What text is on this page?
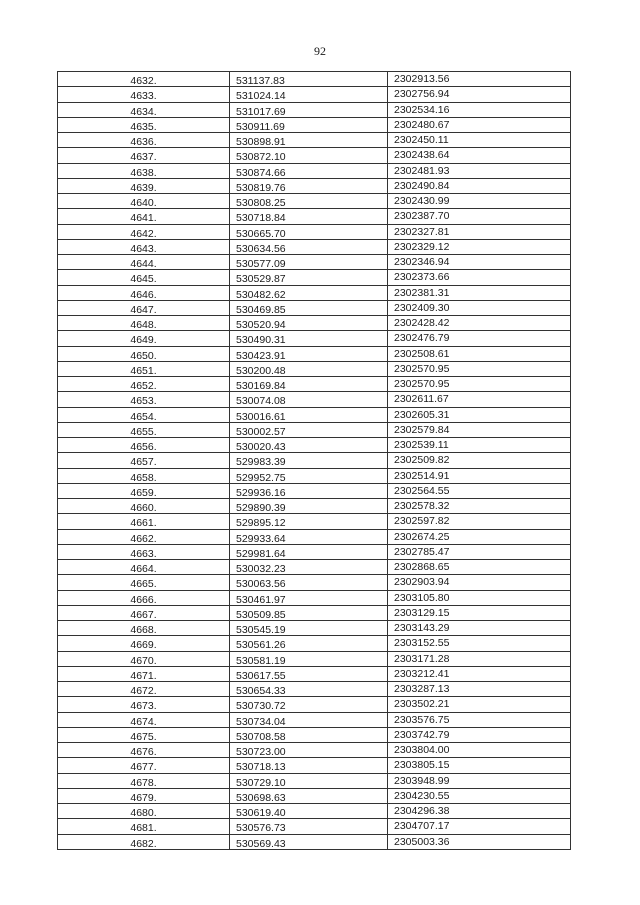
92
4632.	531137.83	2302913.56
4633.	531024.14	2302756.94
4634.	531017.69	2302534.16
4635.	530911.69	2302480.67
4636.	530898.91	2302450.11
4637.	530872.10	2302438.64
4638.	530874.66	2302481.93
4639.	530819.76	2302490.84
4640.	530808.25	2302430.99
4641.	530718.84	2302387.70
4642.	530665.70	2302327.81
4643.	530634.56	2302329.12
4644.	530577.09	2302346.94
4645.	530529.87	2302373.66
4646.	530482.62	2302381.31
4647.	530469.85	2302409.30
4648.	530520.94	2302428.42
4649.	530490.31	2302476.79
4650.	530423.91	2302508.61
4651.	530200.48	2302570.95
4652.	530169.84	2302570.95
4653.	530074.08	2302611.67
4654.	530016.61	2302605.31
4655.	530002.57	2302579.84
4656.	530020.43	2302539.11
4657.	529983.39	2302509.82
4658.	529952.75	2302514.91
4659.	529936.16	2302564.55
4660.	529890.39	2302578.32
4661.	529895.12	2302597.82
4662.	529933.64	2302674.25
4663.	529981.64	2302785.47
4664.	530032.23	2302868.65
4665.	530063.56	2302903.94
4666.	530461.97	2303105.80
4667.	530509.85	2303129.15
4668.	530545.19	2303143.29
4669.	530561.26	2303152.55
4670.	530581.19	2303171.28
4671.	530617.55	2303212.41
4672.	530654.33	2303287.13
4673.	530730.72	2303502.21
4674.	530734.04	2303576.75
4675.	530708.58	2303742.79
4676.	530723.00	2303804.00
4677.	530718.13	2303805.15
4678.	530729.10	2303948.99
4679.	530698.63	2304230.55
4680.	530619.40	2304296.38
4681.	530576.73	2304707.17
4682.	530569.43	2305003.36
